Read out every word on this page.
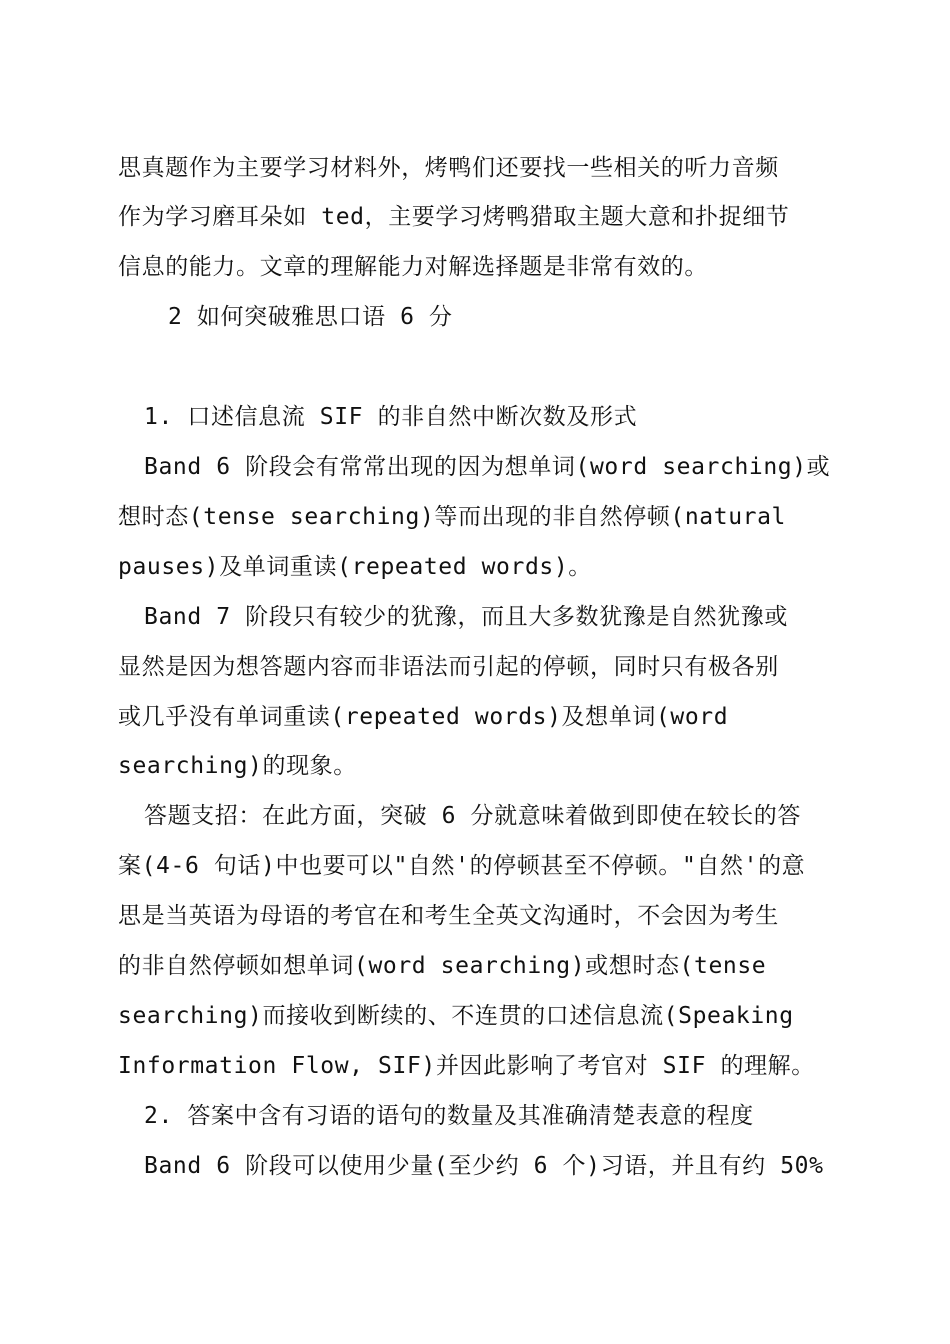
思真题作为主要学习材料外，烤鸭们还要找一些相关的听力音频
作为学习磨耳朵如 ted，主要学习烤鸭猎取主题大意和扑捉细节
信息的能力。文章的理解能力对解选择题是非常有效的。
2 如何突破雅思口语 6 分
1. 口述信息流 SIF 的非自然中断次数及形式
Band 6 阶段会有常常出现的因为想单词(word searching)或
想时态(tense searching)等而出现的非自然停顿(natural
pauses)及单词重读(repeated words)。
Band 7 阶段只有较少的犹豫，而且大多数犹豫是自然犹豫或
显然是因为想答题内容而非语法而引起的停顿，同时只有极各别
或几乎没有单词重读(repeated words)及想单词(word
searching)的现象。
答题支招：在此方面，突破 6 分就意味着做到即使在较长的答
案(4-6 句话)中也要可以"自然'的停顿甚至不停顿。"自然'的意
思是当英语为母语的考官在和考生全英文沟通时，不会因为考生
的非自然停顿如想单词(word searching)或想时态(tense
searching)而接收到断续的、不连贯的口述信息流(Speaking
Information Flow, SIF)并因此影响了考官对 SIF 的理解。
2. 答案中含有习语的语句的数量及其准确清楚表意的程度
Band 6 阶段可以使用少量(至少约 6 个)习语，并且有约 50%
